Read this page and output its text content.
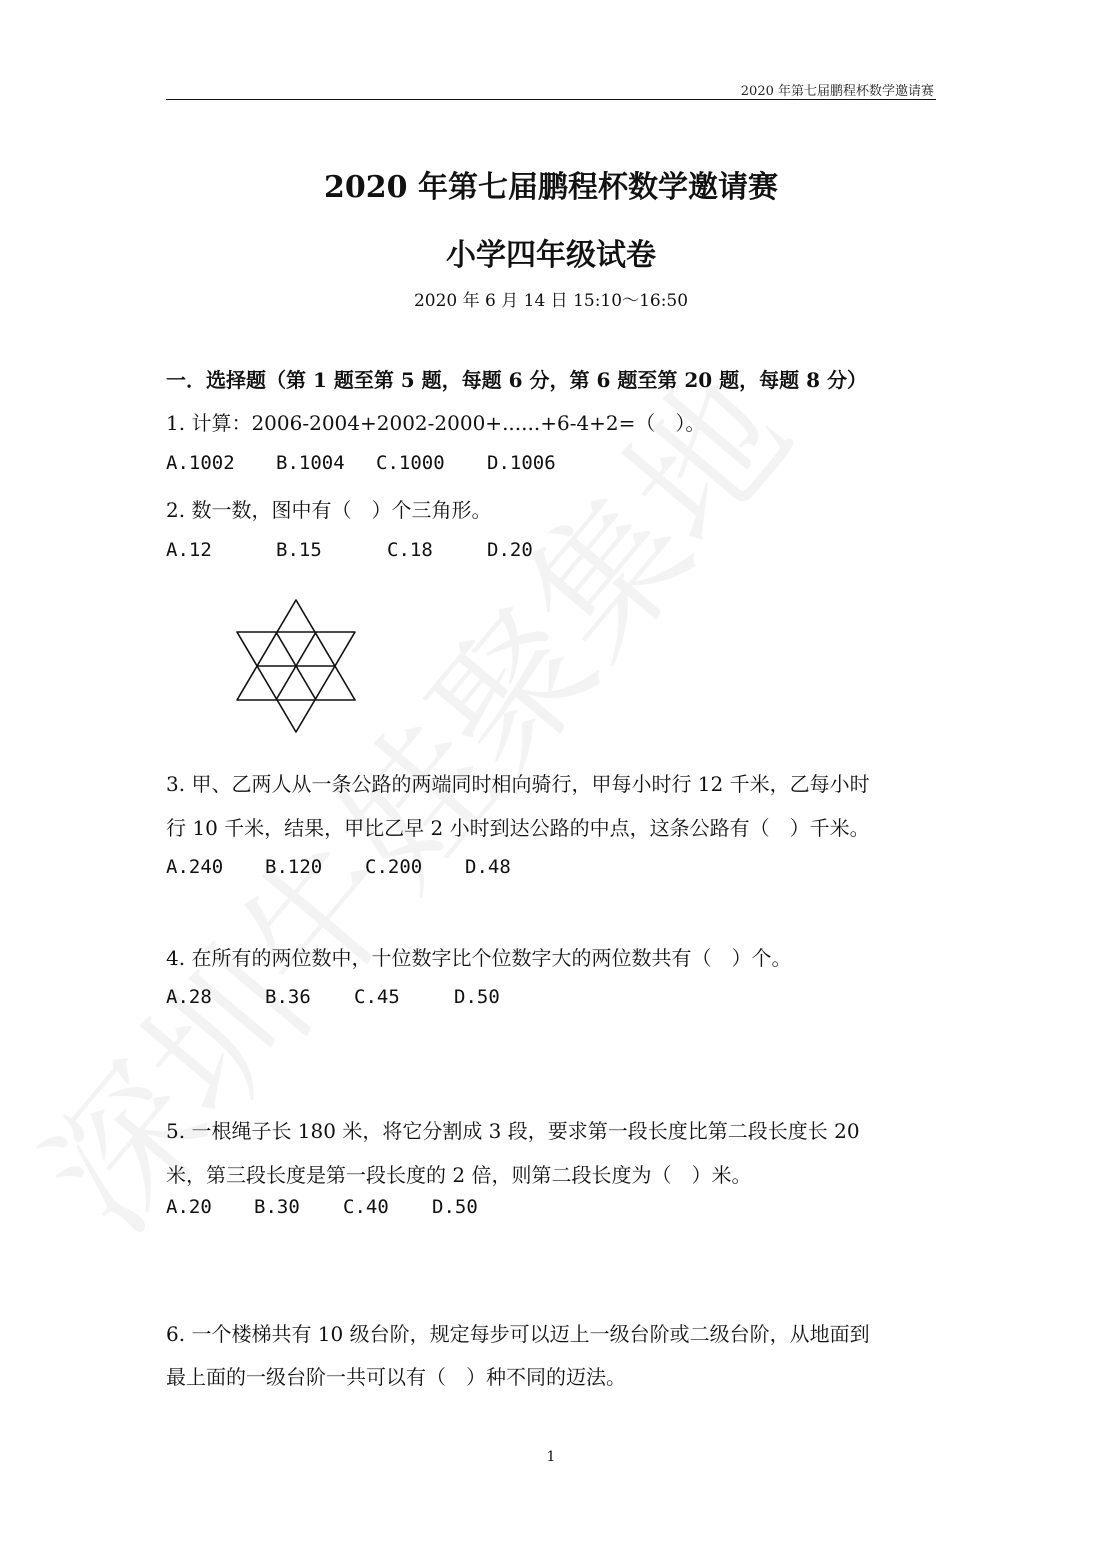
2020 年第七届鹏程杯数学邀请赛
2020 年第七届鹏程杯数学邀请赛
小学四年级试卷
2020 年 6 月 14 日 15:10～16:50
一．选择题（第 1 题至第 5 题，每题 6 分，第 6 题至第 20 题，每题 8 分）
1. 计算：2006-2004+2002-2000+......+6-4+2=（　）。
A.1002 B.1004 C.1000 D.1006
2. 数一数，图中有（　）个三角形。
A.12	B.15	C.18	D.20
3. 甲、乙两人从一条公路的两端同时相向骑行，甲每小时行 12 千米，乙每小时
行 10 千米，结果，甲比乙早 2 小时到达公路的中点，这条公路有（　）千米。
A.240 B.120 C.200 D.48
4. 在所有的两位数中，十位数字比个位数字大的两位数共有（　）个。
A.28	B.36 C.45	D.50
5. 一根绳子长 180 米，将它分割成 3 段，要求第一段长度比第二段长度长 20
米，第三段长度是第一段长度的 2 倍，则第二段长度为（　）米。
A.20 B.30 C.40 D.50
6. 一个楼梯共有 10 级台阶，规定每步可以迈上一级台阶或二级台阶，从地面到
最上面的一级台阶一共可以有（　）种不同的迈法。
1
